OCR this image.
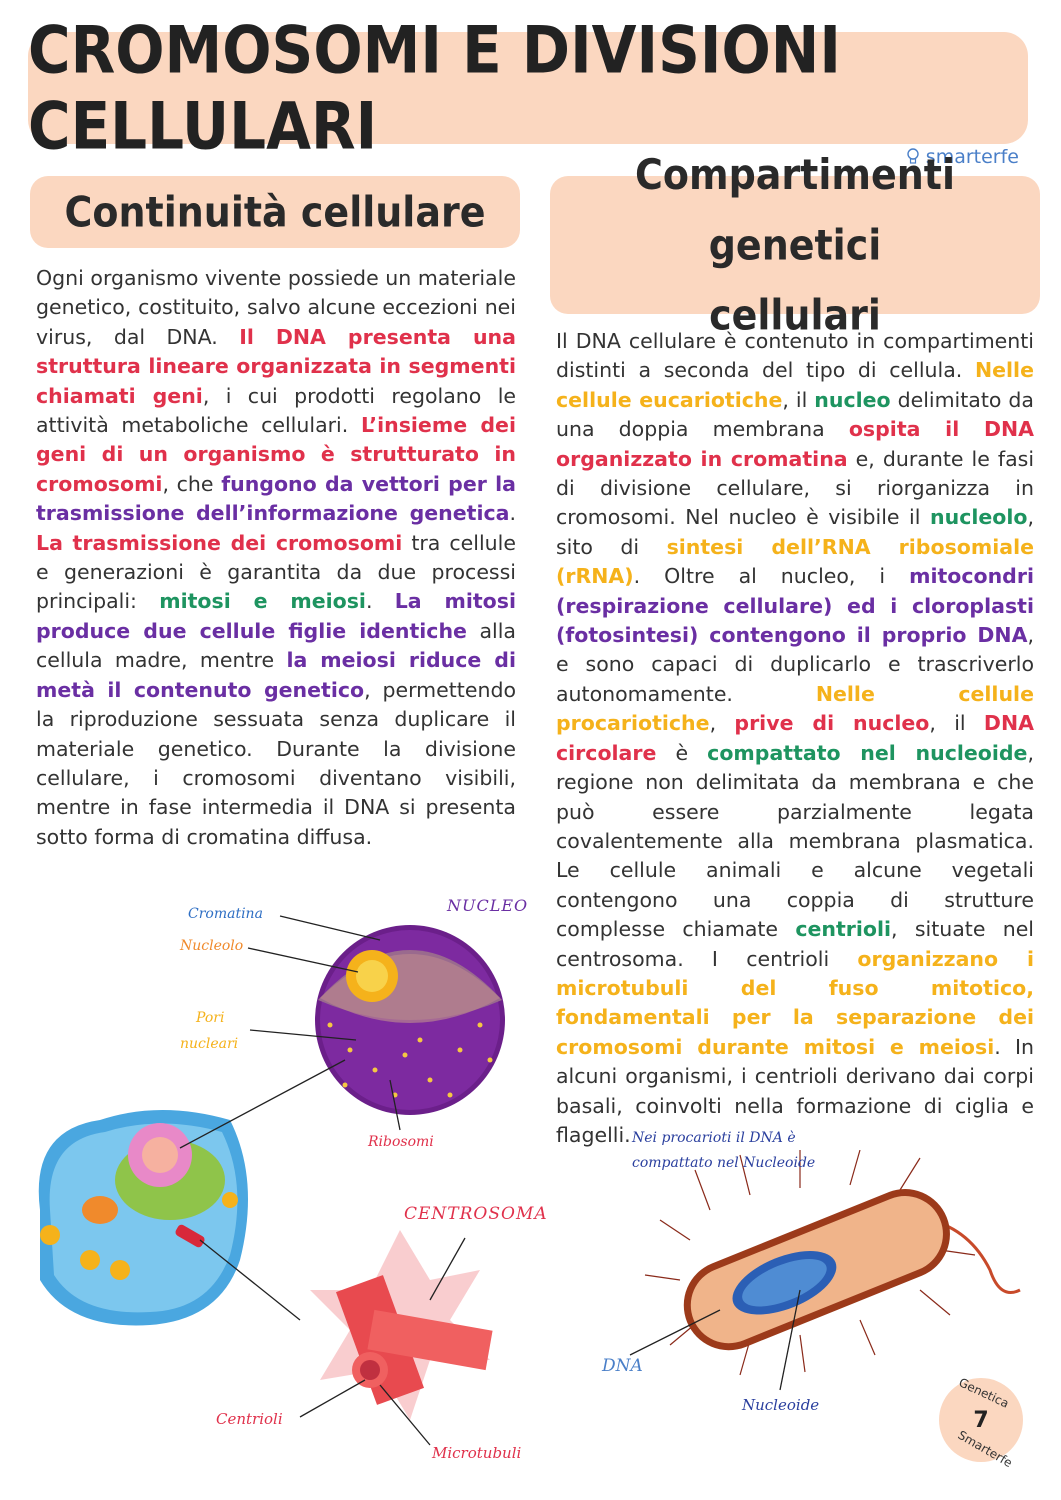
CROMOSOMI E DIVISIONI CELLULARI	smarterfe
Continuità cellulare
Compartimenti genetici
cellulari
Ogni organismo vivente possiede un materiale genetico, costituito, salvo alcune eccezioni nei virus, dal DNA. Il DNA presenta una struttura lineare organizzata in segmenti chiamati geni, i cui prodotti regolano le attività metaboliche cellulari. L’insieme dei geni di un organismo è strutturato in cromosomi, che fungono da vettori per la trasmissione dell’informazione genetica. La trasmissione dei cromosomi tra cellule e generazioni è garantita da due processi principali: mitosi e meiosi. La mitosi produce due cellule figlie identiche alla cellula madre, mentre la meiosi riduce di metà il contenuto genetico, permettendo la riproduzione sessuata senza duplicare il materiale genetico. Durante la divisione cellulare, i cromosomi diventano visibili, mentre in fase intermedia il DNA si presenta sotto forma di cromatina diffusa.
Il DNA cellulare è contenuto in compartimenti distinti a seconda del tipo di cellula. Nelle cellule eucariotiche, il nucleo delimitato da una doppia membrana ospita il DNA organizzato in cromatina e, durante le fasi di divisione cellulare, si riorganizza in cromosomi. Nel nucleo è visibile il nucleolo, sito di sintesi dell’RNA ribosomiale (rRNA). Oltre al nucleo, i mitocondri (respirazione cellulare) ed i cloroplasti (fotosintesi) contengono il proprio DNA, e sono capaci di duplicarlo e trascriverlo autonomamente. Nelle cellule procariotiche, prive di nucleo, il DNA circolare è compattato nel nucleoide, regione non delimitata da membrana e che può essere parzialmente legata covalentemente alla membrana plasmatica. Le cellule animali e alcune vegetali contengono una coppia di strutture complesse chiamate centrioli, situate nel centrosoma. I centrioli organizzano i microtubuli del fuso mitotico, fondamentali per la separazione dei cromosomi durante mitosi e meiosi. In alcuni organismi, i centrioli derivano dai corpi basali, coinvolti nella formazione di ciglia e flagelli.
NUCLEO
Cromatina
Nucleolo
Pori
nucleari
Ribosomi
CENTROSOMA
Centrioli
Microtubuli
Nei procarioti il DNA è
compattato nel Nucleoide
DNA
Nucleoide	Genetica
7
Smarterfe
